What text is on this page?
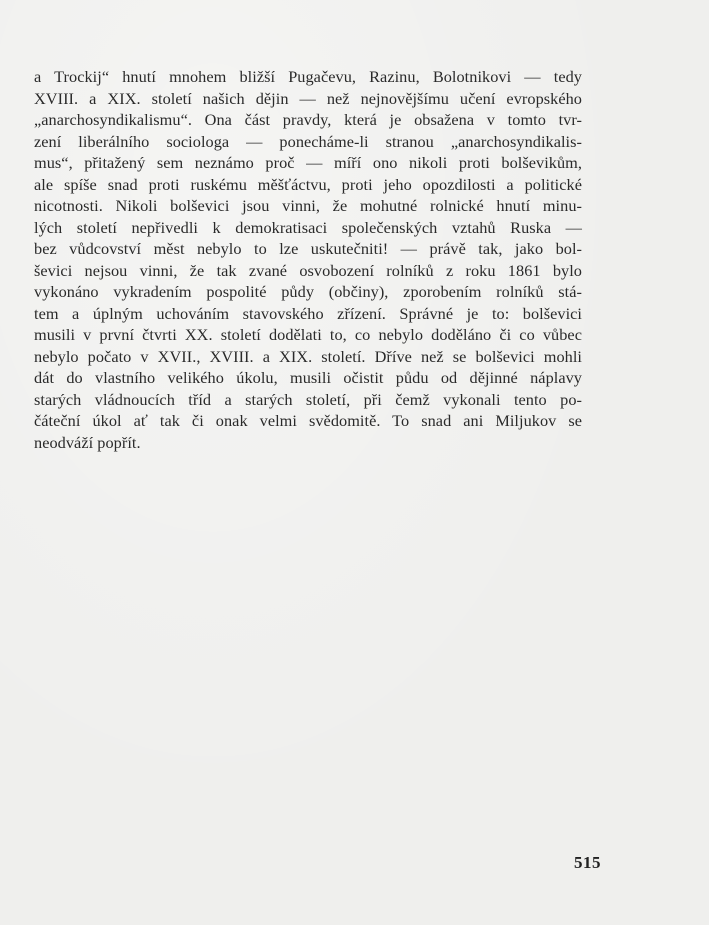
a Trockij“ hnutí mnohem bližší Pugačevu, Razinu, Bolotnikovi — tedy
XVIII. a XIX. století našich dějin — než nejnovějšímu učení evropského
„anarchosyndikalismu“. Ona část pravdy, která je obsažena v tomto tvr-
zení liberálního sociologa — ponecháme-li stranou „anarchosyndikalis-
mus“, přitažený sem neznámo proč — míří ono nikoli proti bolševikům,
ale spíše snad proti ruskému měšťáctvu, proti jeho opozdilosti a politické
nicotnosti. Nikoli bolševici jsou vinni, že mohutné rolnické hnutí minu-
lých století nepřivedli k demokratisaci společenských vztahů Ruska —
bez vůdcovství měst nebylo to lze uskutečniti! — právě tak, jako bol-
ševici nejsou vinni, že tak zvané osvobození rolníků z roku 1861 bylo
vykonáno vykradením pospolité půdy (občiny), zporobením rolníků stá-
tem a úplným uchováním stavovského zřízení. Správné je to: bolševici
musili v první čtvrti XX. století dodělati to, co nebylo doděláno či co vůbec
nebylo počato v XVII., XVIII. a XIX. století. Dříve než se bolševici mohli
dát do vlastního velikého úkolu, musili očistit půdu od dějinné náplavy
starých vládnoucích tříd a starých století, při čemž vykonali tento po-
čáteční úkol ať tak či onak velmi svědomitě. To snad ani Miljukov se
neodváží popřít.
515
